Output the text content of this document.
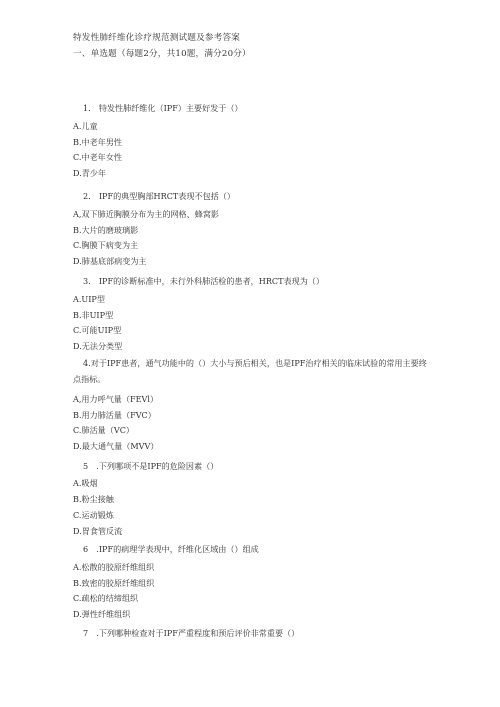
特发性肺纤维化诊疗规范测试题及参考答案
一、单选题（每题2分，共10题，满分20分）
1.　特发性肺纤维化（IPF）主要好发于（）
A.儿童
B.中老年男性
C.中老年女性
D.青少年
2.　IPF的典型胸部HRCT表现不包括（）
A,双下肺近胸膜分布为主的网格、蜂窝影
B.大片的磨玻璃影
C.胸膜下病变为主
D.肺基底部病变为主
3.　IPF的诊断标准中，未行外科肺活检的患者，HRCT表现为（）
A.UIP型
B.非UIP型
C.可能UIP型
D.无法分类型
4.对于IPF患者，通气功能中的（）大小与预后相关，也是IPF治疗相关的临床试验的常用主要终点指标。
A,用力呼气量（FEVl）
B.用力肺活量（FVC）
C.肺活量（VC）
D.最大通气量（MVV）
5　.下列哪项不是IPF的危险因素（）
A.吸烟
B.粉尘接触
C.运动锻炼
D.胃食管反流
6　.IPF的病理学表现中，纤维化区域由（）组成
A.松散的胶原纤维组织
B.致密的胶原纤维组织
C.疏松的结缔组织
D.弹性纤维组织
7　.下列哪种检查对于IPF严重程度和预后评价非常重要（）
